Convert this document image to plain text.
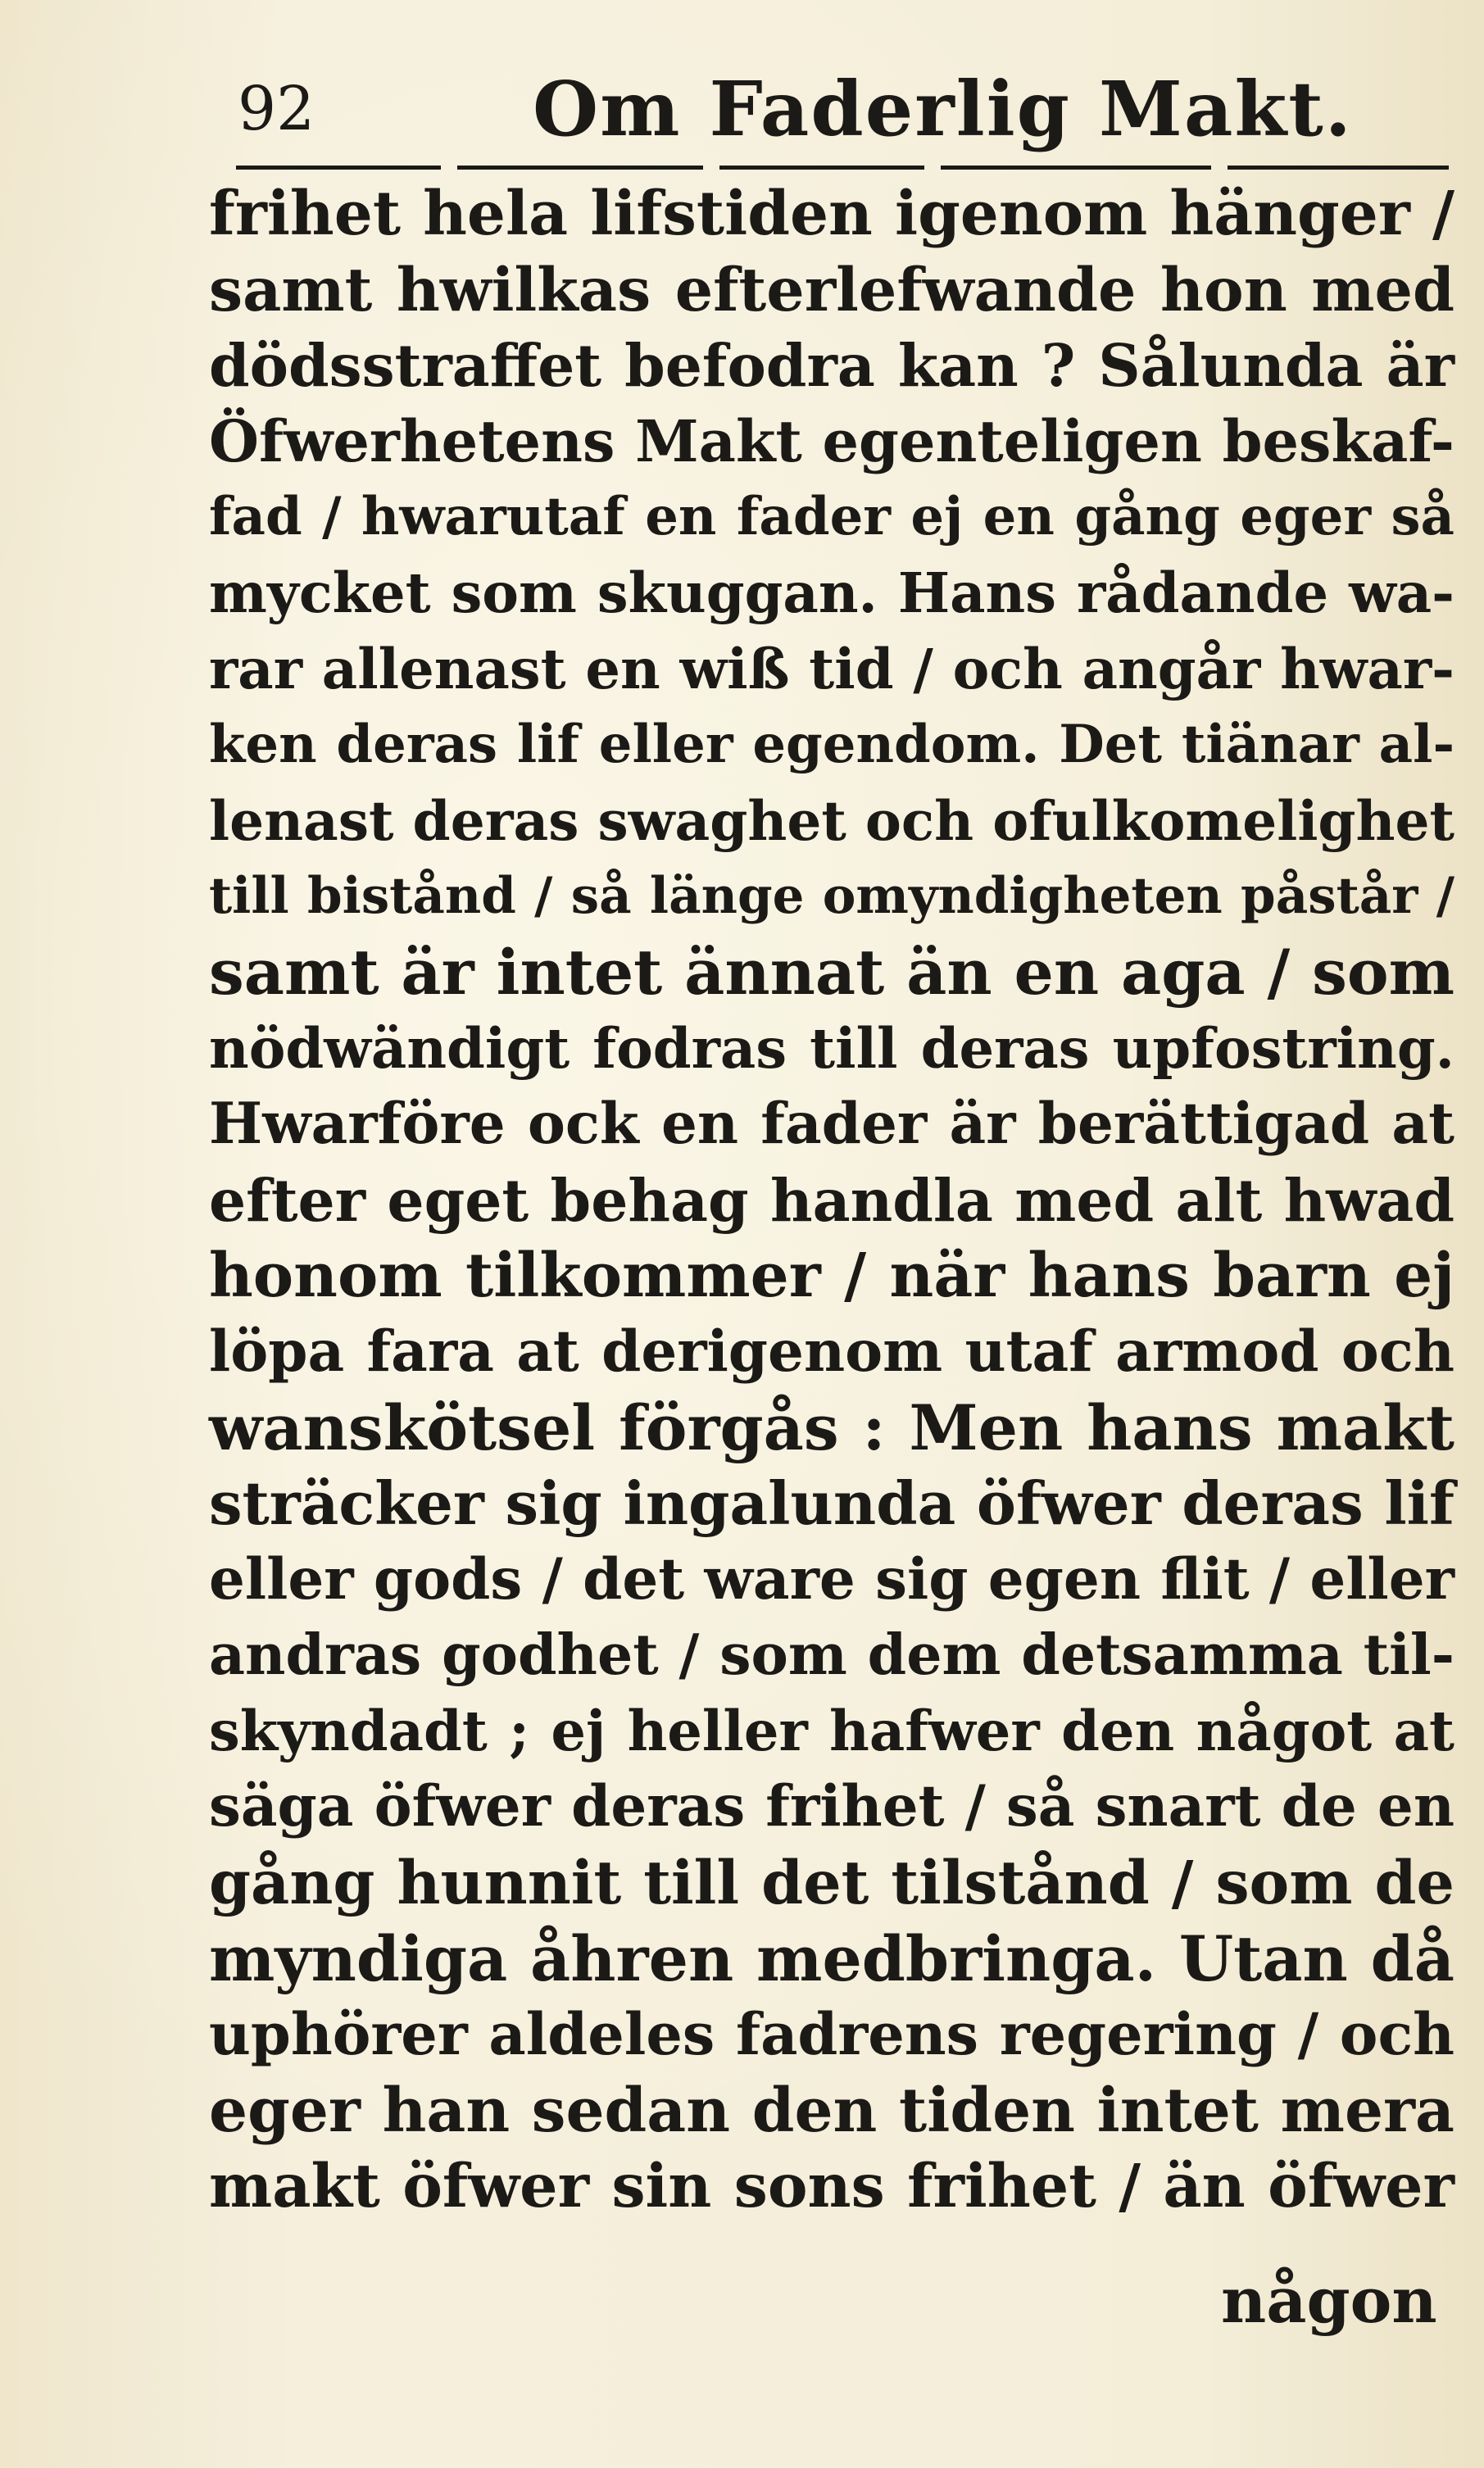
92	Om Faderlig Makt.
frihet hela lifstiden igenom hänger /
samt hwilkas efterlefwande hon med
dödsstraffet befodra kan ? Sålunda är
Öfwerhetens Makt egenteligen beskaf-
fad / hwarutaf en fader ej en gång eger så
mycket som skuggan. Hans rådande wa-
rar allenast en wiß tid / och angår hwar-
ken deras lif eller egendom. Det tiänar al-
lenast deras swaghet och ofulkomelighet
till bistånd / så länge omyndigheten påstår /
samt är intet ännat än en aga / som
nödwändigt fodras till deras upfostring.
Hwarföre ock en fader är berättigad at
efter eget behag handla med alt hwad
honom tilkommer / när hans barn ej
löpa fara at derigenom utaf armod och
wanskötsel förgås : Men hans makt
sträcker sig ingalunda öfwer deras lif
eller gods / det ware sig egen flit / eller
andras godhet / som dem detsamma til-
skyndadt ; ej heller hafwer den något at
säga öfwer deras frihet / så snart de en
gång hunnit till det tilstånd / som de
myndiga åhren medbringa. Utan då
uphörer aldeles fadrens regering / och
eger han sedan den tiden intet mera
makt öfwer sin sons frihet / än öfwer
någon
